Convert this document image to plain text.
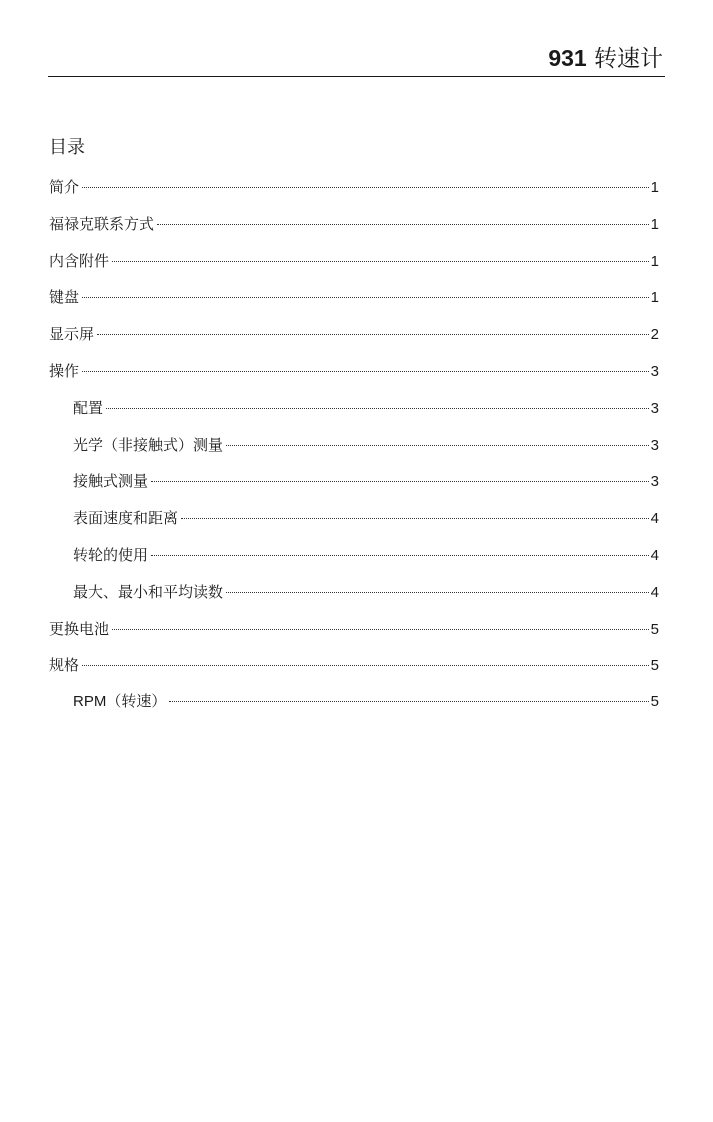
931 转速计
目录
简介	1
福禄克联系方式	1
内含附件	1
键盘	1
显示屏	2
操作	3
配置	3
光学（非接触式）测量	3
接触式测量	3
表面速度和距离	4
转轮的使用	4
最大、最小和平均读数	4
更换电池	5
规格	5
RPM（转速）	5
